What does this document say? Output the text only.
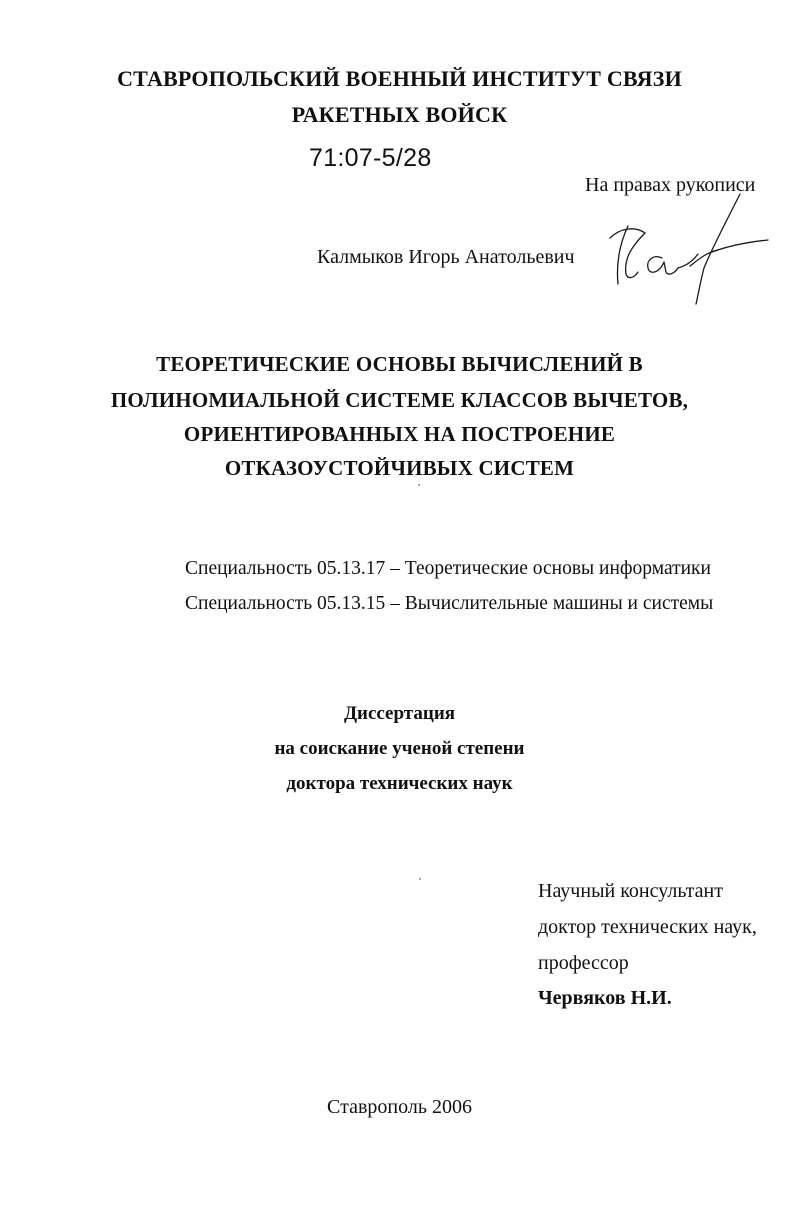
СТАВРОПОЛЬСКИЙ ВОЕННЫЙ ИНСТИТУТ СВЯЗИ
РАКЕТНЫХ ВОЙСК
71:07-5/28
На правах рукописи
Калмыков Игорь Анатольевич
ТЕОРЕТИЧЕСКИЕ ОСНОВЫ ВЫЧИСЛЕНИЙ В
ПОЛИНОМИАЛЬНОЙ СИСТЕМЕ КЛАССОВ ВЫЧЕТОВ,
ОРИЕНТИРОВАННЫХ НА ПОСТРОЕНИЕ
ОТКАЗОУСТОЙЧИВЫХ СИСТЕМ
Специальность 05.13.17 – Теоретические основы информатики
Специальность 05.13.15 – Вычислительные машины и системы
Диссертация
на соискание ученой степени
доктора технических наук
Научный консультант
доктор технических наук,
профессор
Червяков Н.И.
Ставрополь 2006
